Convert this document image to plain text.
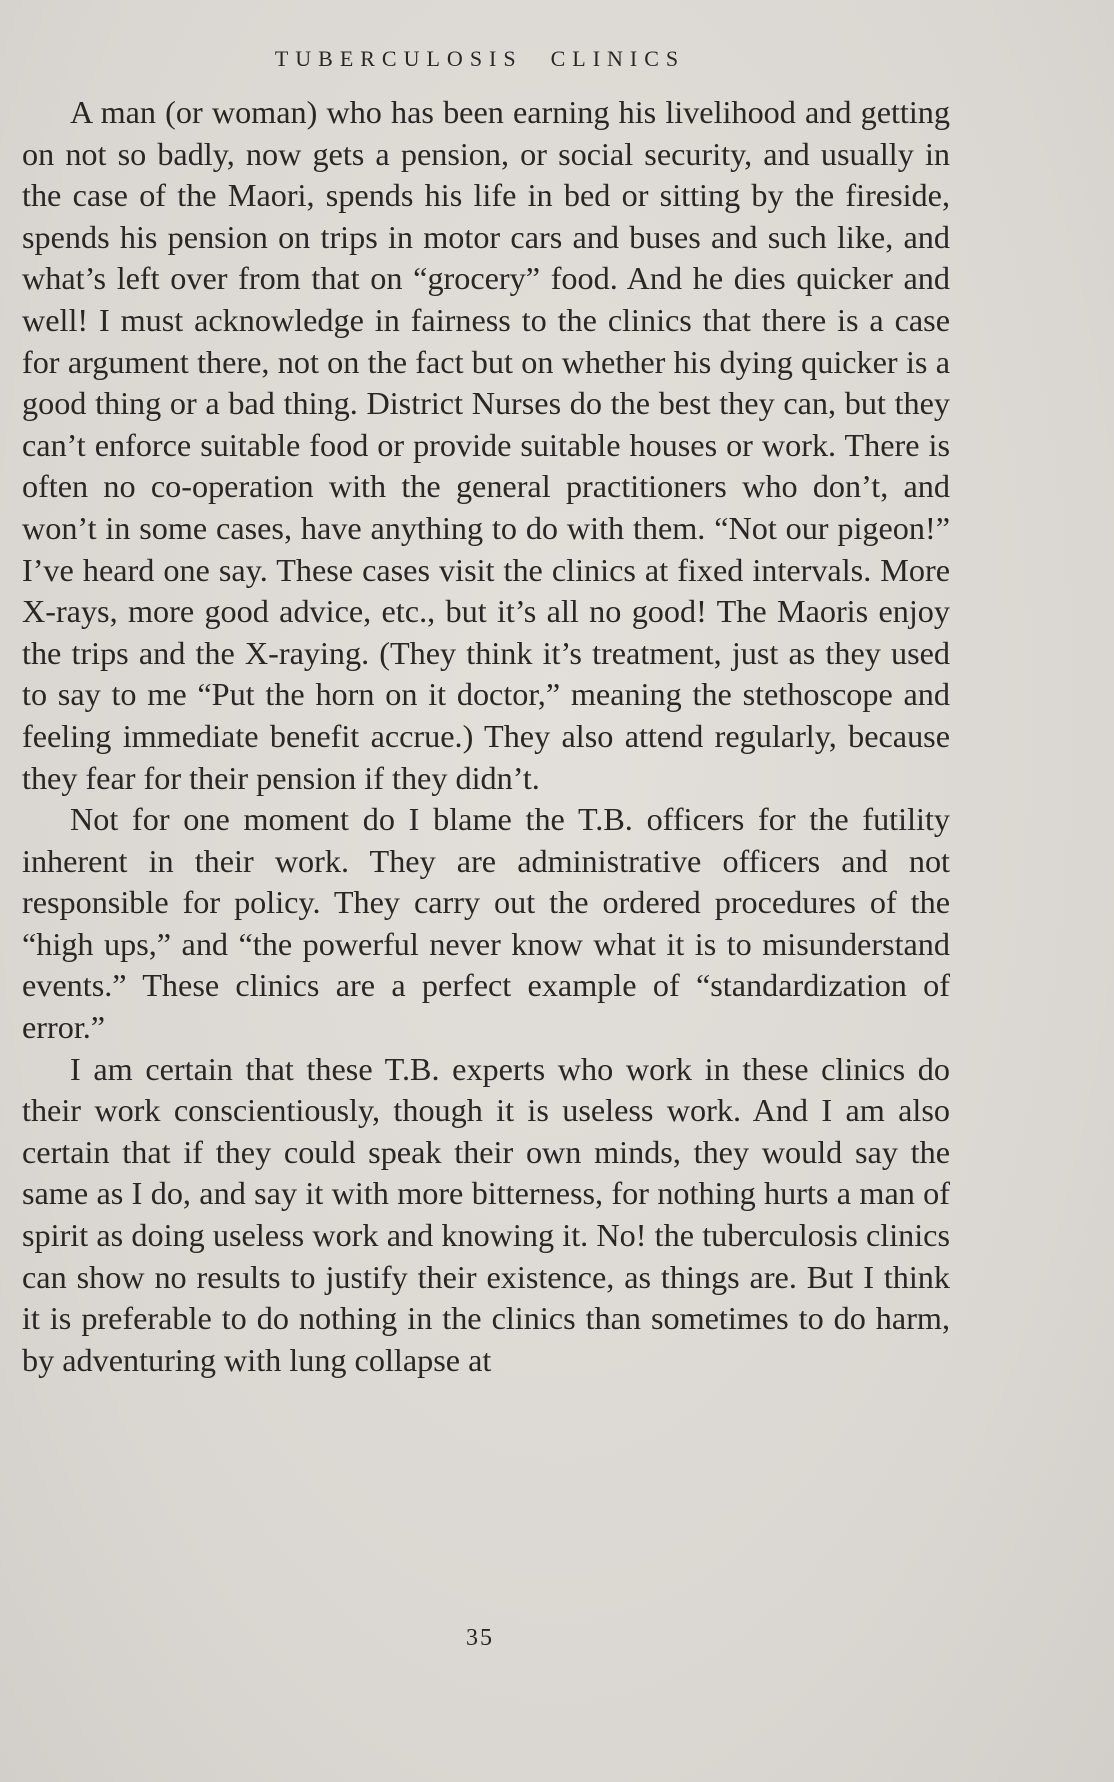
TUBERCULOSIS CLINICS

A man (or woman) who has been earning his livelihood and getting on not so badly, now gets a pension, or social security, and usually in the case of the Maori, spends his life in bed or sitting by the fireside, spends his pension on trips in motor cars and buses and such like, and what’s left over from that on “grocery” food. And he dies quicker and well! I must acknowledge in fairness to the clinics that there is a case for argument there, not on the fact but on whether his dying quicker is a good thing or a bad thing. District Nurses do the best they can, but they can’t enforce suitable food or provide suitable houses or work. There is often no co-operation with the general practitioners who don’t, and won’t in some cases, have anything to do with them. “Not our pigeon!” I’ve heard one say. These cases visit the clinics at fixed intervals. More X-rays, more good advice, etc., but it’s all no good! The Maoris enjoy the trips and the X-raying. (They think it’s treatment, just as they used to say to me “Put the horn on it doctor,” meaning the stethoscope and feeling immediate benefit accrue.) They also attend regularly, because they fear for their pension if they didn’t.

Not for one moment do I blame the T.B. officers for the futility inherent in their work. They are administrative officers and not responsible for policy. They carry out the ordered procedures of the “high ups,” and “the powerful never know what it is to misunderstand events.” These clinics are a perfect example of “standardization of error.”

I am certain that these T.B. experts who work in these clinics do their work conscientiously, though it is useless work. And I am also certain that if they could speak their own minds, they would say the same as I do, and say it with more bitterness, for nothing hurts a man of spirit as doing useless work and knowing it. No! the tuberculosis clinics can show no results to justify their existence, as things are. But I think it is preferable to do nothing in the clinics than sometimes to do harm, by adventuring with lung collapse at

35
